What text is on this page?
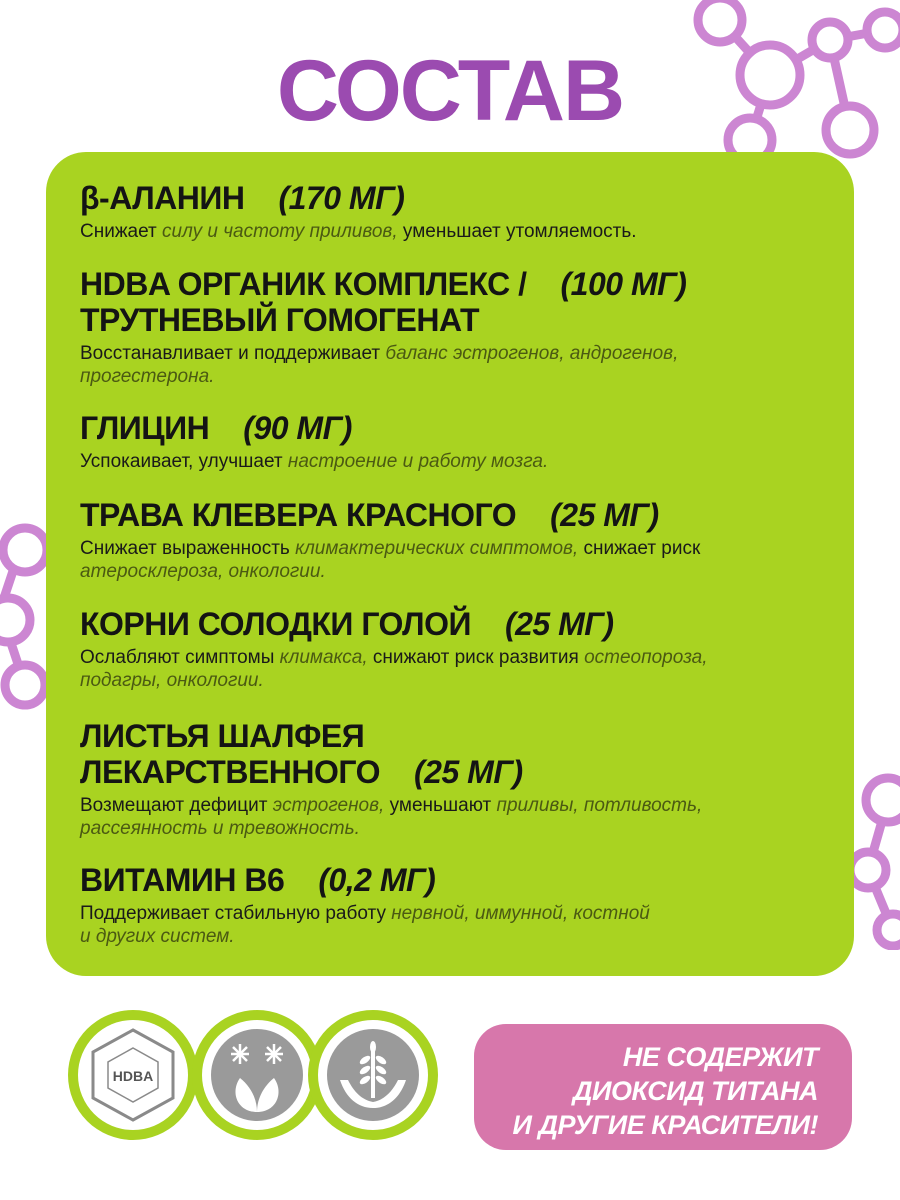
СОСТАВ
β-АЛАНИН (170 МГ)

Снижает силу и частоту приливов, уменьшает утомляемость.

HDBA ОРГАНИК КОМПЛЕКС / (100 МГ)
ТРУТНЕВЫЙ ГОМОГЕНАТ

Восстанавливает и поддерживает баланс эстрогенов, андрогенов,
прогестерона.

ГЛИЦИН (90 МГ)

Успокаивает, улучшает настроение и работу мозга.

ТРАВА КЛЕВЕРА КРАСНОГО (25 МГ)

Снижает выраженность климактерических симптомов, снижает риск
атеросклероза, онкологии.

КОРНИ СОЛОДКИ ГОЛОЙ (25 МГ)

Ослабляют симптомы климакса, снижают риск развития остеопороза,
подагры, онкологии.

ЛИСТЬЯ ШАЛФЕЯ
ЛЕКАРСТВЕННОГО (25 МГ)

Возмещают дефицит эстрогенов, уменьшают приливы, потливость,
рассеянность и тревожность.

ВИТАМИН В6 (0,2 МГ)

Поддерживает стабильную работу нервной, иммунной, костной
и других систем.

HDBA
НЕ СОДЕРЖИТ
ДИОКСИД ТИТАНА
И ДРУГИЕ КРАСИТЕЛИ!
